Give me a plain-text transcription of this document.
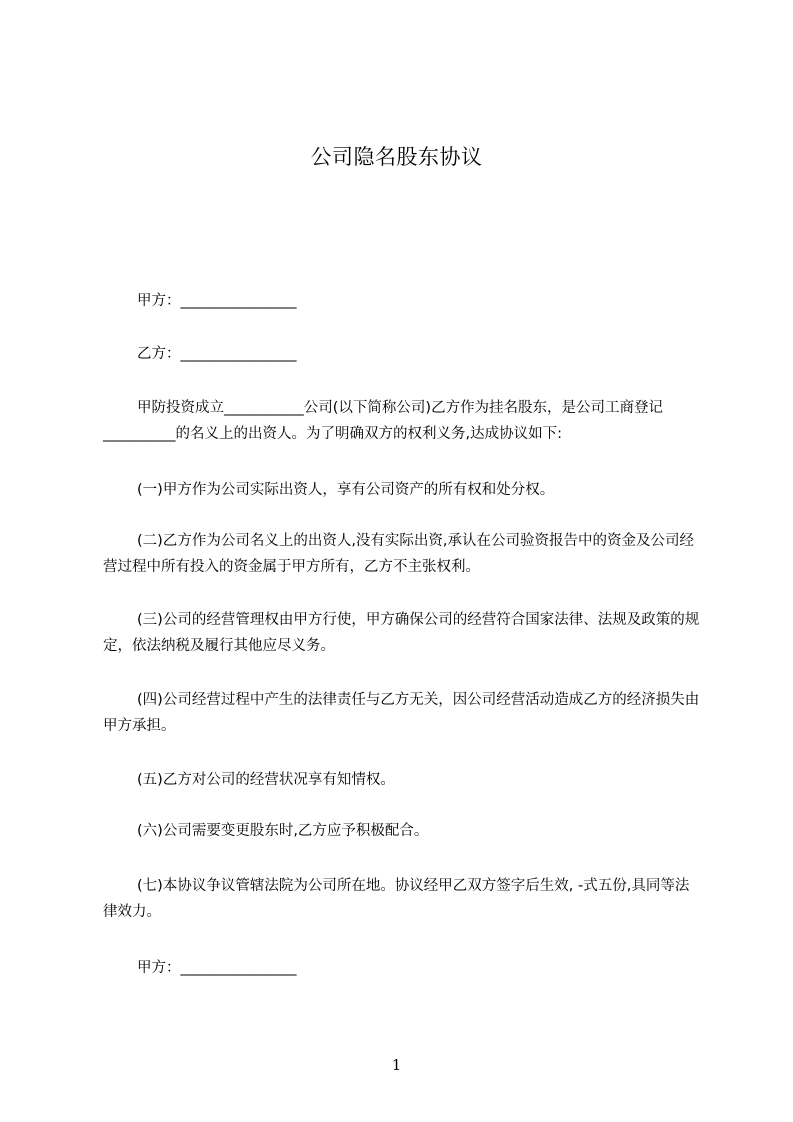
公司隐名股东协议
甲方：________________
乙方：________________
甲防投资成立___________公司(以下简称公司)乙方作为挂名股东，是公司工商登记__________的名义上的出资人。为了明确双方的权利义务,达成协议如下:
(一)甲方作为公司实际出资人，享有公司资产的所有权和处分权。
(二)乙方作为公司名义上的出资人,没有实际出资,承认在公司验资报告中的资金及公司经营过程中所有投入的资金属于甲方所有，乙方不主张权利。
(三)公司的经营管理权由甲方行使，甲方确保公司的经营符合国家法律、法规及政策的规定，依法纳税及履行其他应尽义务。
(四)公司经营过程中产生的法律责任与乙方无关，因公司经营活动造成乙方的经济损失由甲方承担。
(五)乙方对公司的经营状况享有知情权。
(六)公司需要变更股东时,乙方应予积极配合。
(七)本协议争议管辖法院为公司所在地。协议经甲乙双方签字后生效, -式五份,具同等法律效力。
甲方：________________
1
